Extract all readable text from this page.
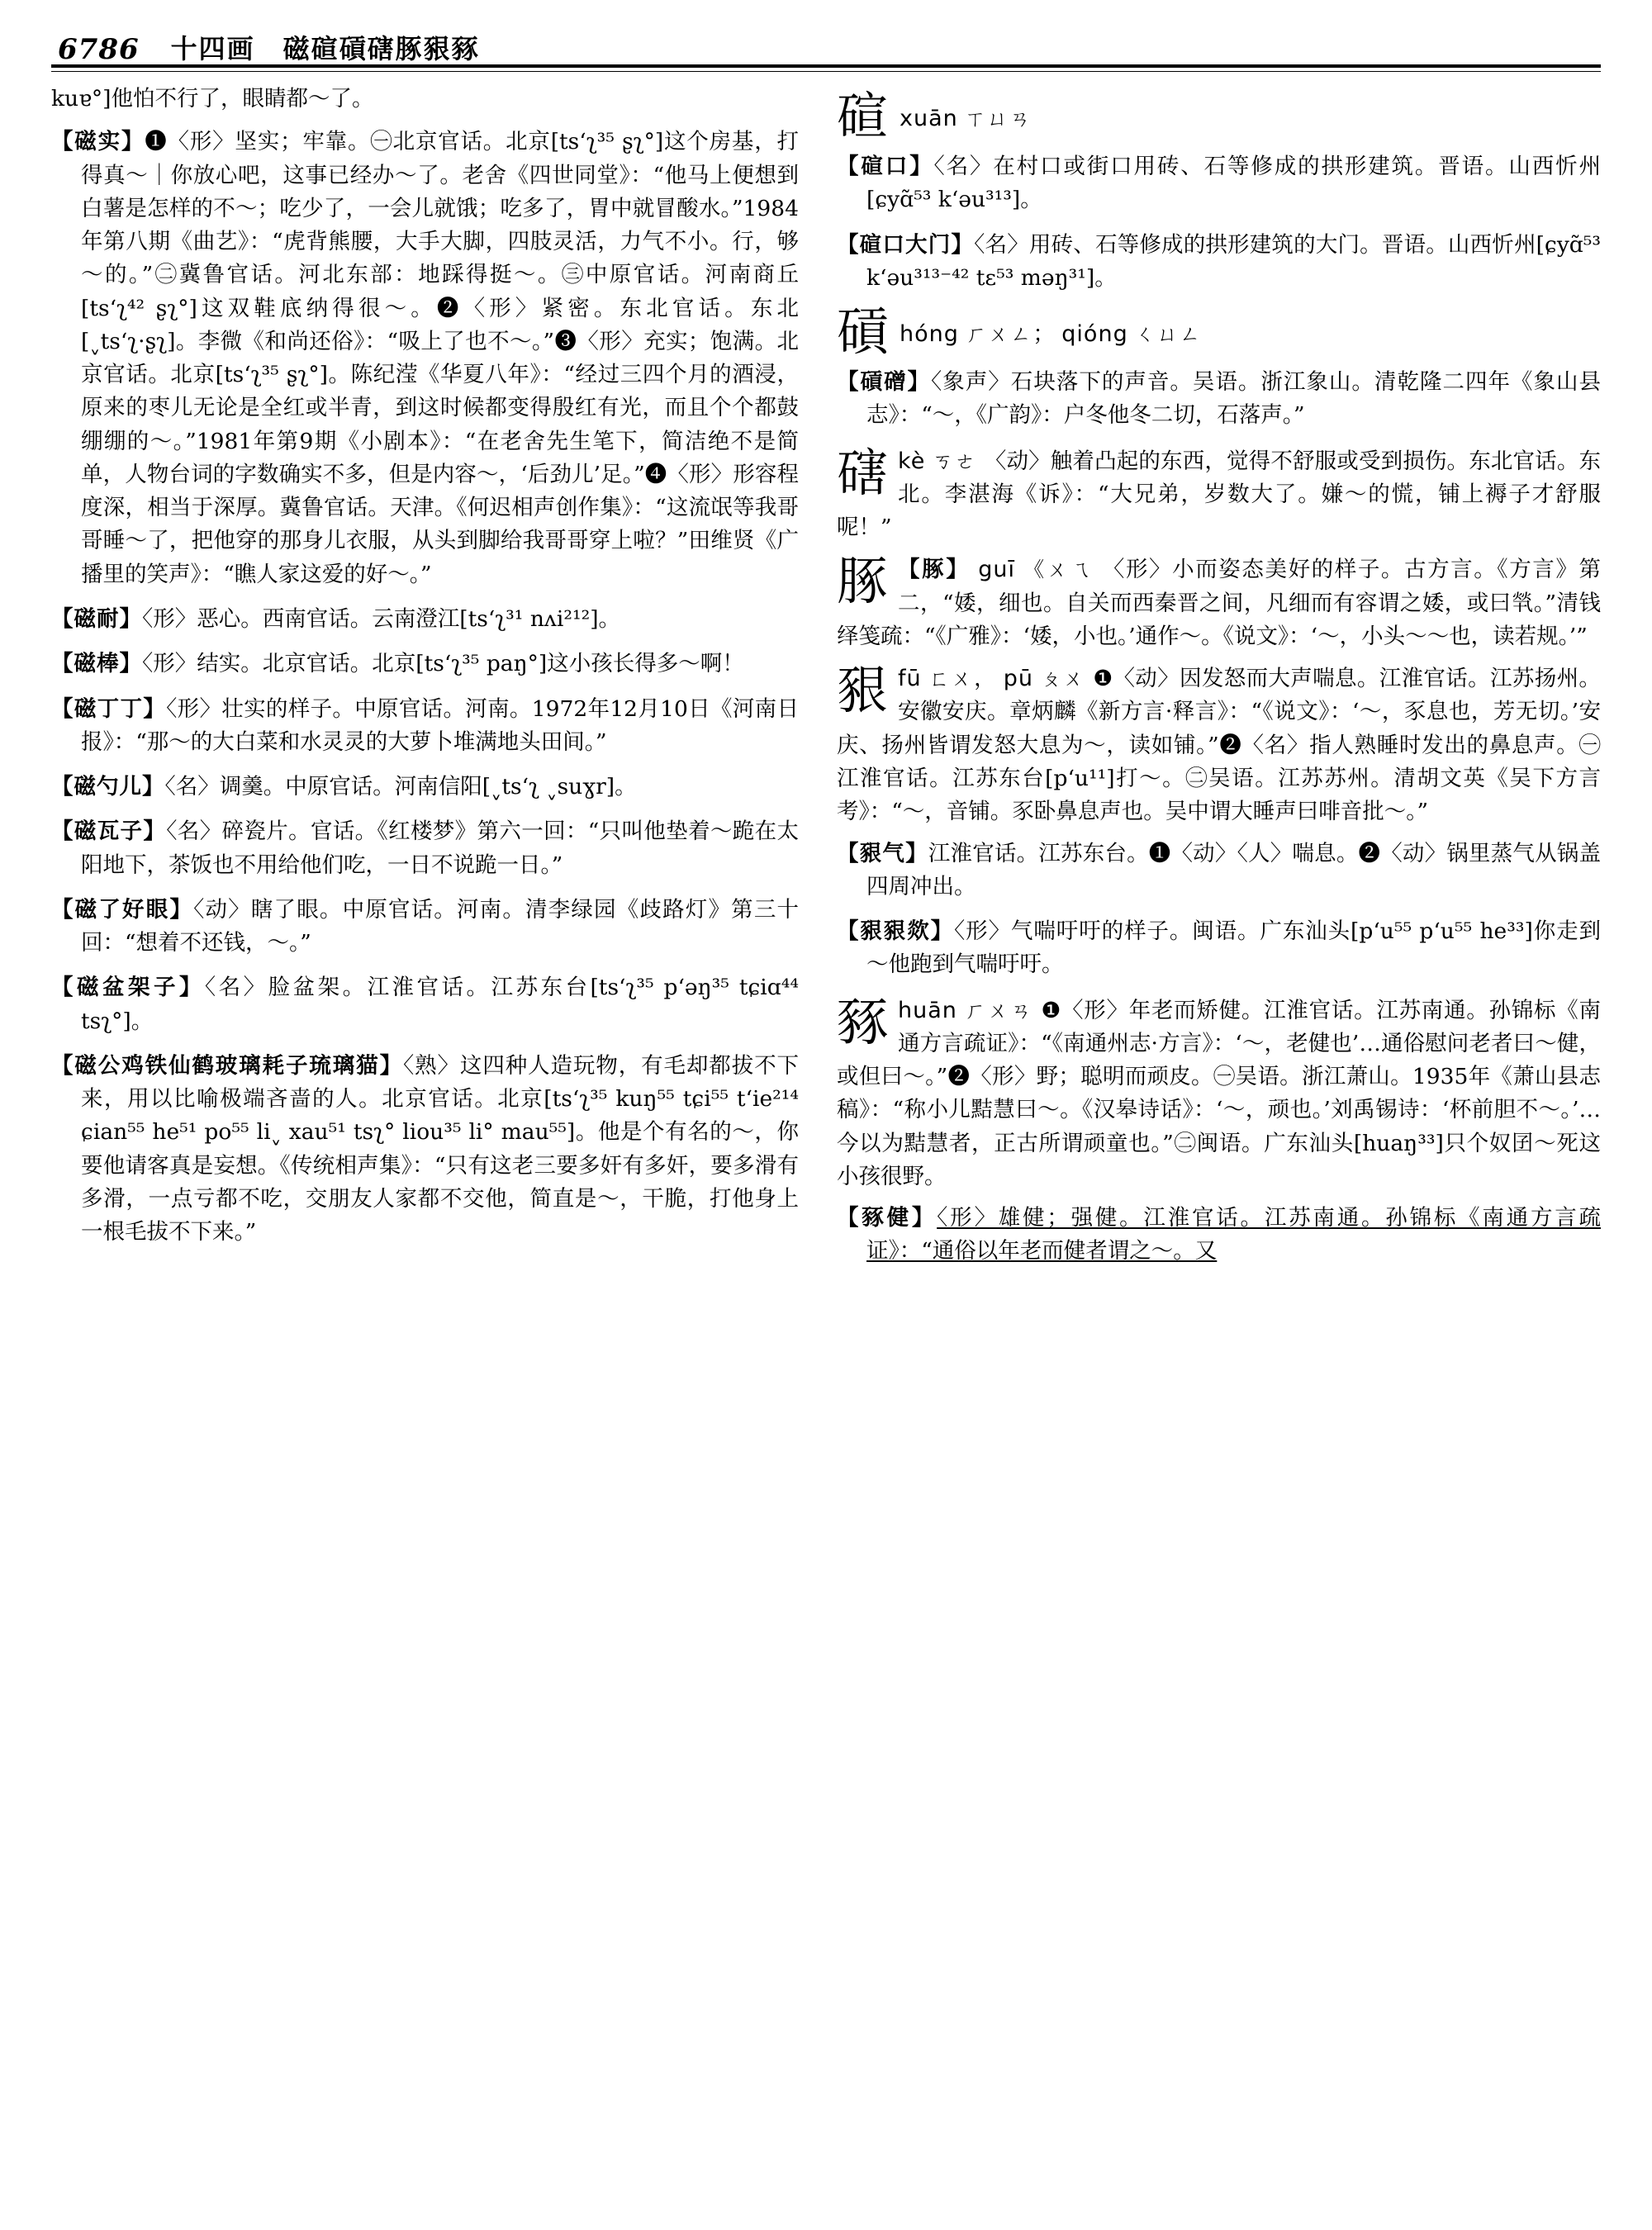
6786 十四画　磁碹碽磍䐁豤豩
kuɐ°]他怕不行了，眼睛都～了。
【磁实】❶〈形〉坚实；牢靠。㊀北京官话。北京[tsʻʅ³⁵ ʂʅ°]这个房基，打得真～｜你放心吧，这事已经办～了。老舍《四世同堂》：“他马上便想到白薯是怎样的不～；吃少了，一会儿就饿；吃多了，胃中就冒酸水。”1984年第八期《曲艺》：“虎背熊腰，大手大脚，四肢灵活，力气不小。行，够～的。”㊁冀鲁官话。河北东部：地踩得挺～。㊂中原官话。河南商丘[tsʻʅ⁴² ʂʅ°]这双鞋底纳得很～。❷〈形〉紧密。东北官话。东北[ˬtsʻʅ·ʂʅ]。李微《和尚还俗》：“吸上了也不～。”❸〈形〉充实；饱满。北京官话。北京[tsʻʅ³⁵ ʂʅ°]。陈纪滢《华夏八年》：“经过三四个月的酒浸，原来的枣儿无论是全红或半青，到这时候都变得殷红有光，而且个个都鼓绷绷的～。”1981年第9期《小剧本》：“在老舍先生笔下，简洁绝不是简单，人物台词的字数确实不多，但是内容～，‘后劲儿’足。”❹〈形〉形容程度深，相当于深厚。冀鲁官话。天津。《何迟相声创作集》：“这流氓等我哥哥睡～了，把他穿的那身儿衣服，从头到脚给我哥哥穿上啦？”田维贤《广播里的笑声》：“瞧人家这爱的好～。”
【磁耐】〈形〉恶心。西南官话。云南澄江[tsʻʅ³¹ nʌi²¹²]。
【磁棒】〈形〉结实。北京官话。北京[tsʻʅ³⁵ paŋ°]这小孩长得多～啊！
【磁丁丁】〈形〉壮实的样子。中原官话。河南。1972年12月10日《河南日报》：“那～的大白菜和水灵灵的大萝卜堆满地头田间。”
【磁勺儿】〈名〉调羹。中原官话。河南信阳[ˬtsʻʅ ˬsuɣr]。
【磁瓦子】〈名〉碎瓷片。官话。《红楼梦》第六一回：“只叫他垫着～跪在太阳地下，茶饭也不用给他们吃，一日不说跪一日。”
【磁了好眼】〈动〉瞎了眼。中原官话。河南。清李绿园《歧路灯》第三十回：“想着不还钱，～。”
【磁盆架子】〈名〉脸盆架。江淮官话。江苏东台[tsʻʅ³⁵ pʻəŋ³⁵ tɕiɑ⁴⁴ tsʅ°]。
【磁公鸡铁仙鹤玻璃耗子琉璃猫】〈熟〉这四种人造玩物，有毛却都拔不下来，用以比喻极端吝啬的人。北京官话。北京[tsʻʅ³⁵ kuŋ⁵⁵ tɕi⁵⁵ tʻie²¹⁴ ɕian⁵⁵ he⁵¹ po⁵⁵ liˬ xau⁵¹ tsʅ° liou³⁵ li° mau⁵⁵]。他是个有名的～，你要他请客真是妄想。《传统相声集》：“只有这老三要多奸有多奸，要多滑有多滑，一点亏都不吃，交朋友人家都不交他，简直是～，干脆，打他身上一根毛拔不下来。”
碹 xuān ㄒㄩㄢ
【碹口】〈名〉在村口或街口用砖、石等修成的拱形建筑。晋语。山西忻州[ɕyɑ̃⁵³ kʻəu³¹³]。
【碹口大门】〈名〉用砖、石等修成的拱形建筑的大门。晋语。山西忻州[ɕyɑ̃⁵³ kʻəu³¹³⁻⁴² tɛ⁵³ məŋ³¹]。
碽 hóng ㄏㄨㄥ； qióng ㄑㄩㄥ
【碽磳】〈象声〉石块落下的声音。吴语。浙江象山。清乾隆二四年《象山县志》：“～，《广韵》：户冬他冬二切，石落声。”
磍 kè ㄎㄜ 〈动〉触着凸起的东西，觉得不舒服或受到损伤。东北官话。东北。李湛海《诉》：“大兄弟，岁数大了。嫌～的慌，铺上褥子才舒服呢！”
䐁 【䐁】 guī 《ㄨㄟ 〈形〉小而姿态美好的样子。古方言。《方言》第二，“婑，细也。自关而西秦晋之间，凡细而有容谓之婑，或曰㷀。”清钱绎笺疏：“《广雅》：‘婑，小也。’通作～。《说文》：‘～，小头～～也，读若规。’”
豤 fū ㄈㄨ， pū ㄆㄨ ❶〈动〉因发怒而大声喘息。江淮官话。江苏扬州。安徽安庆。章炳麟《新方言·释言》：“《说文》：‘～，豕息也，芳无切。’安庆、扬州皆谓发怒大息为～，读如铺。”❷〈名〉指人熟睡时发出的鼻息声。㊀江淮官话。江苏东台[pʻu¹¹]打～。㊁吴语。江苏苏州。清胡文英《吴下方言考》：“～，音铺。豕卧鼻息声也。吴中谓大睡声曰啡音批～。”
【豤气】江淮官话。江苏东台。❶〈动〉〈人〉喘息。❷〈动〉锅里蒸气从锅盖四周冲出。
【豤豤欻】〈形〉气喘吁吁的样子。闽语。广东汕头[pʻu⁵⁵ pʻu⁵⁵ he³³]你走到～他跑到气喘吁吁。
豩 huān ㄏㄨㄢ ❶〈形〉年老而矫健。江淮官话。江苏南通。孙锦标《南通方言疏证》：“《南通州志·方言》：‘～，老健也’…通俗慰问老者曰～健，或但曰～。”❷〈形〉野；聪明而顽皮。㊀吴语。浙江萧山。1935年《萧山县志稿》：“称小儿黠慧曰～。《汉皋诗话》：‘～，顽也。’刘禹锡诗：‘杯前胆不～。’…今以为黠慧者，正古所谓顽童也。”㊁闽语。广东汕头[huaŋ³³]只个奴囝～死这小孩很野。
【豩健】〈形〉雄健；强健。江淮官话。江苏南通。孙锦标《南通方言疏证》：“通俗以年老而健者谓之～。又
